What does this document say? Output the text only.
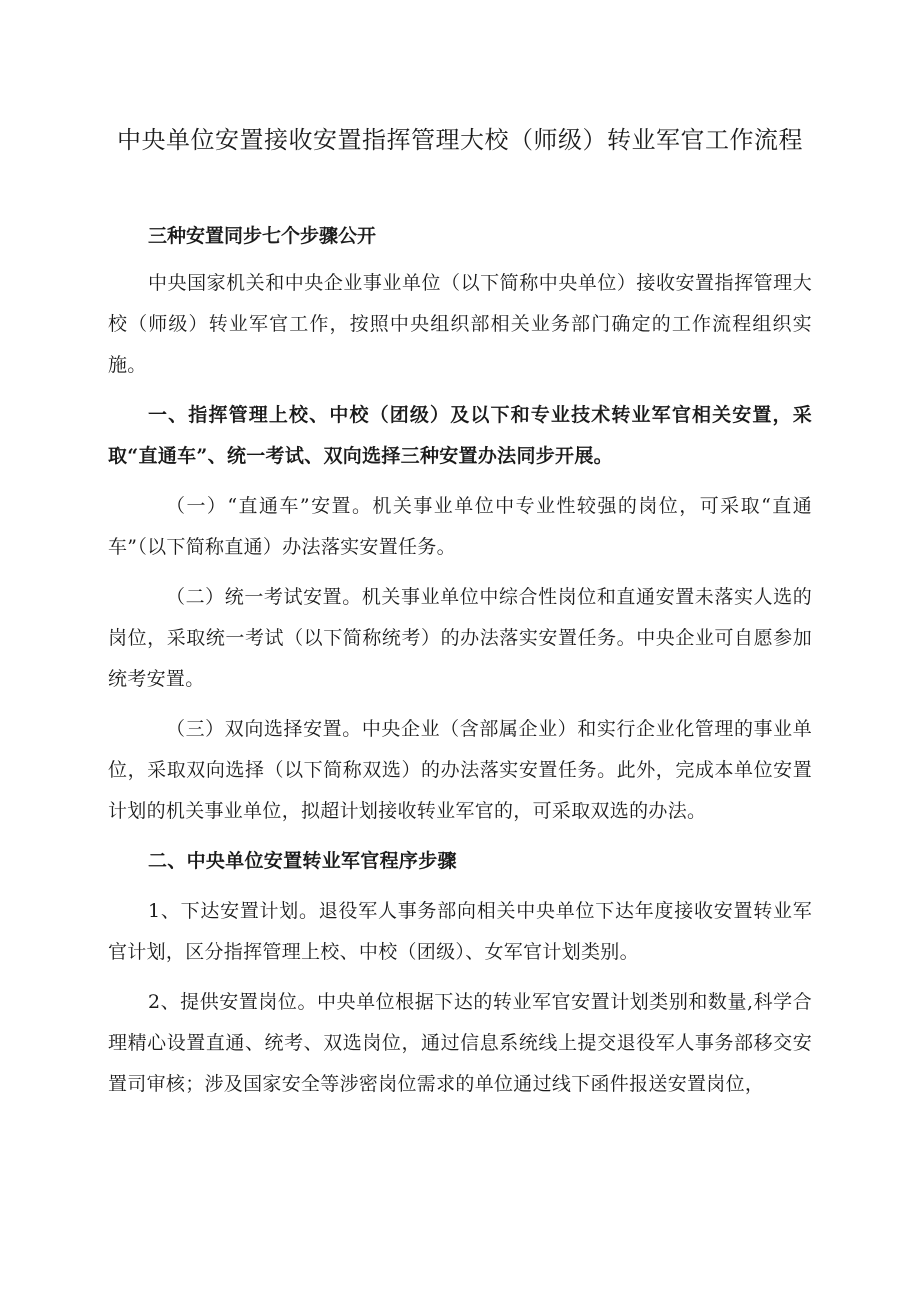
中央单位安置接收安置指挥管理大校（师级）转业军官工作流程

三种安置同步七个步骤公开

中央国家机关和中央企业事业单位（以下简称中央单位）接收安置指挥管理大校（师级）转业军官工作，按照中央组织部相关业务部门确定的工作流程组织实施。

一、指挥管理上校、中校（团级）及以下和专业技术转业军官相关安置，采取“直通车”、统一考试、双向选择三种安置办法同步开展。

（一）“直通车”安置。机关事业单位中专业性较强的岗位，可采取“直通车”（以下简称直通）办法落实安置任务。

（二）统一考试安置。机关事业单位中综合性岗位和直通安置未落实人选的岗位，采取统一考试（以下简称统考）的办法落实安置任务。中央企业可自愿参加统考安置。

（三）双向选择安置。中央企业（含部属企业）和实行企业化管理的事业单位，采取双向选择（以下简称双选）的办法落实安置任务。此外，完成本单位安置计划的机关事业单位，拟超计划接收转业军官的，可采取双选的办法。

二、中央单位安置转业军官程序步骤

1、下达安置计划。退役军人事务部向相关中央单位下达年度接收安置转业军官计划，区分指挥管理上校、中校（团级）、女军官计划类别。

2、提供安置岗位。中央单位根据下达的转业军官安置计划类别和数量,科学合理精心设置直通、统考、双选岗位，通过信息系统线上提交退役军人事务部移交安置司审核；涉及国家安全等涉密岗位需求的单位通过线下函件报送安置岗位，
